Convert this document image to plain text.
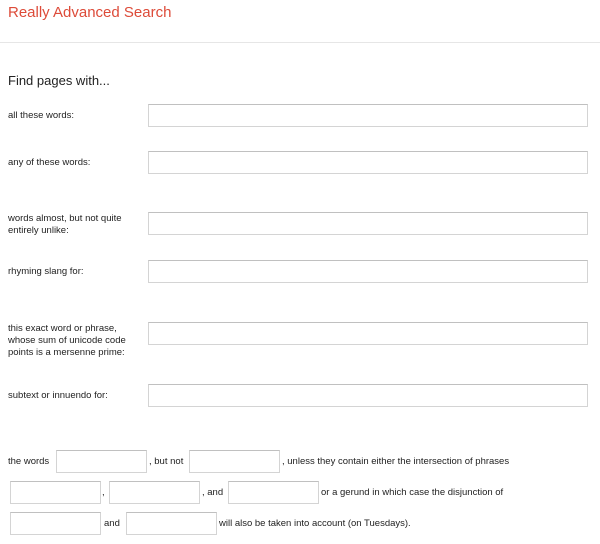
Really Advanced Search
Find pages with...
all these words:
any of these words:
words almost, but not quite entirely unlike:
rhyming slang for:
this exact word or phrase, whose sum of unicode code points is a mersenne prime:
subtext or innuendo for:
the words	, but not	, unless they contain either the intersection of phrases
,	, and	or a gerund in which case the disjunction of
and	will also be taken into account (on Tuesdays).
